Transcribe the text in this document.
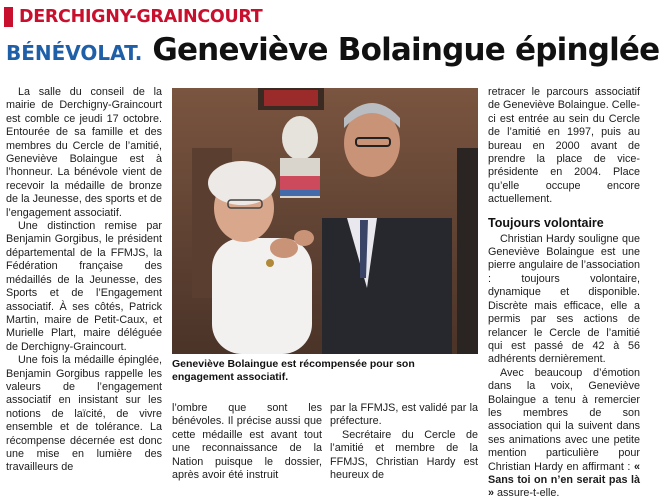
DERCHIGNY-GRAINCOURT
BÉNÉVOLAT. Geneviève Bolaingue épinglée

La salle du conseil de la mairie de Derchigny-Graincourt est comble ce jeudi 17 octobre. Entourée de sa famille et des membres du Cercle de l’amitié, Geneviève Bolaingue est à l’honneur. La bénévole vient de recevoir la médaille de bronze de la Jeunesse, des sports et de l’engagement associatif.

Une distinction remise par Benjamin Gorgibus, le président départemental de la FFMJS, la Fédération française des médaillés de la Jeunesse, des Sports et de l’Engagement associatif. À ses côtés, Patrick Martin, maire de Petit-Caux, et Murielle Plart, maire déléguée de Derchigny-Graincourt.

Une fois la médaille épinglée, Benjamin Gorgibus rappelle les valeurs de l’engagement associatif en insistant sur les notions de laïcité, de vivre ensemble et de tolérance. La récompense décernée est donc une mise en lumière des travailleurs de

Geneviève Bolaingue est récompensée pour son engagement associatif.

l’ombre que sont les bénévoles. Il précise aussi que cette médaille est avant tout une reconnaissance de la Nation puisque le dossier, après avoir été instruit

par la FFMJS, est validé par la préfecture.

Secrétaire du Cercle de l’amitié et membre de la FFMJS, Christian Hardy est heureux de

retracer le parcours associatif de Geneviève Bolaingue. Celle-ci est entrée au sein du Cercle de l’amitié en 1997, puis au bureau en 2000 avant de prendre la place de vice-présidente en 2004. Place qu’elle occupe encore actuellement.

Toujours volontaire

Christian Hardy souligne que Geneviève Bolaingue est une pierre angulaire de l’association : toujours volontaire, dynamique et disponible. Discrète mais efficace, elle a permis par ses actions de relancer le Cercle de l’amitié qui est passé de 42 à 56 adhérents dernièrement.

Avec beaucoup d’émotion dans la voix, Geneviève Bolaingue a tenu à remercier les membres de son association qui la suivent dans ses animations avec une petite mention particulière pour Christian Hardy en affirmant : « Sans toi on n’en serait pas là » assure-t-elle.
